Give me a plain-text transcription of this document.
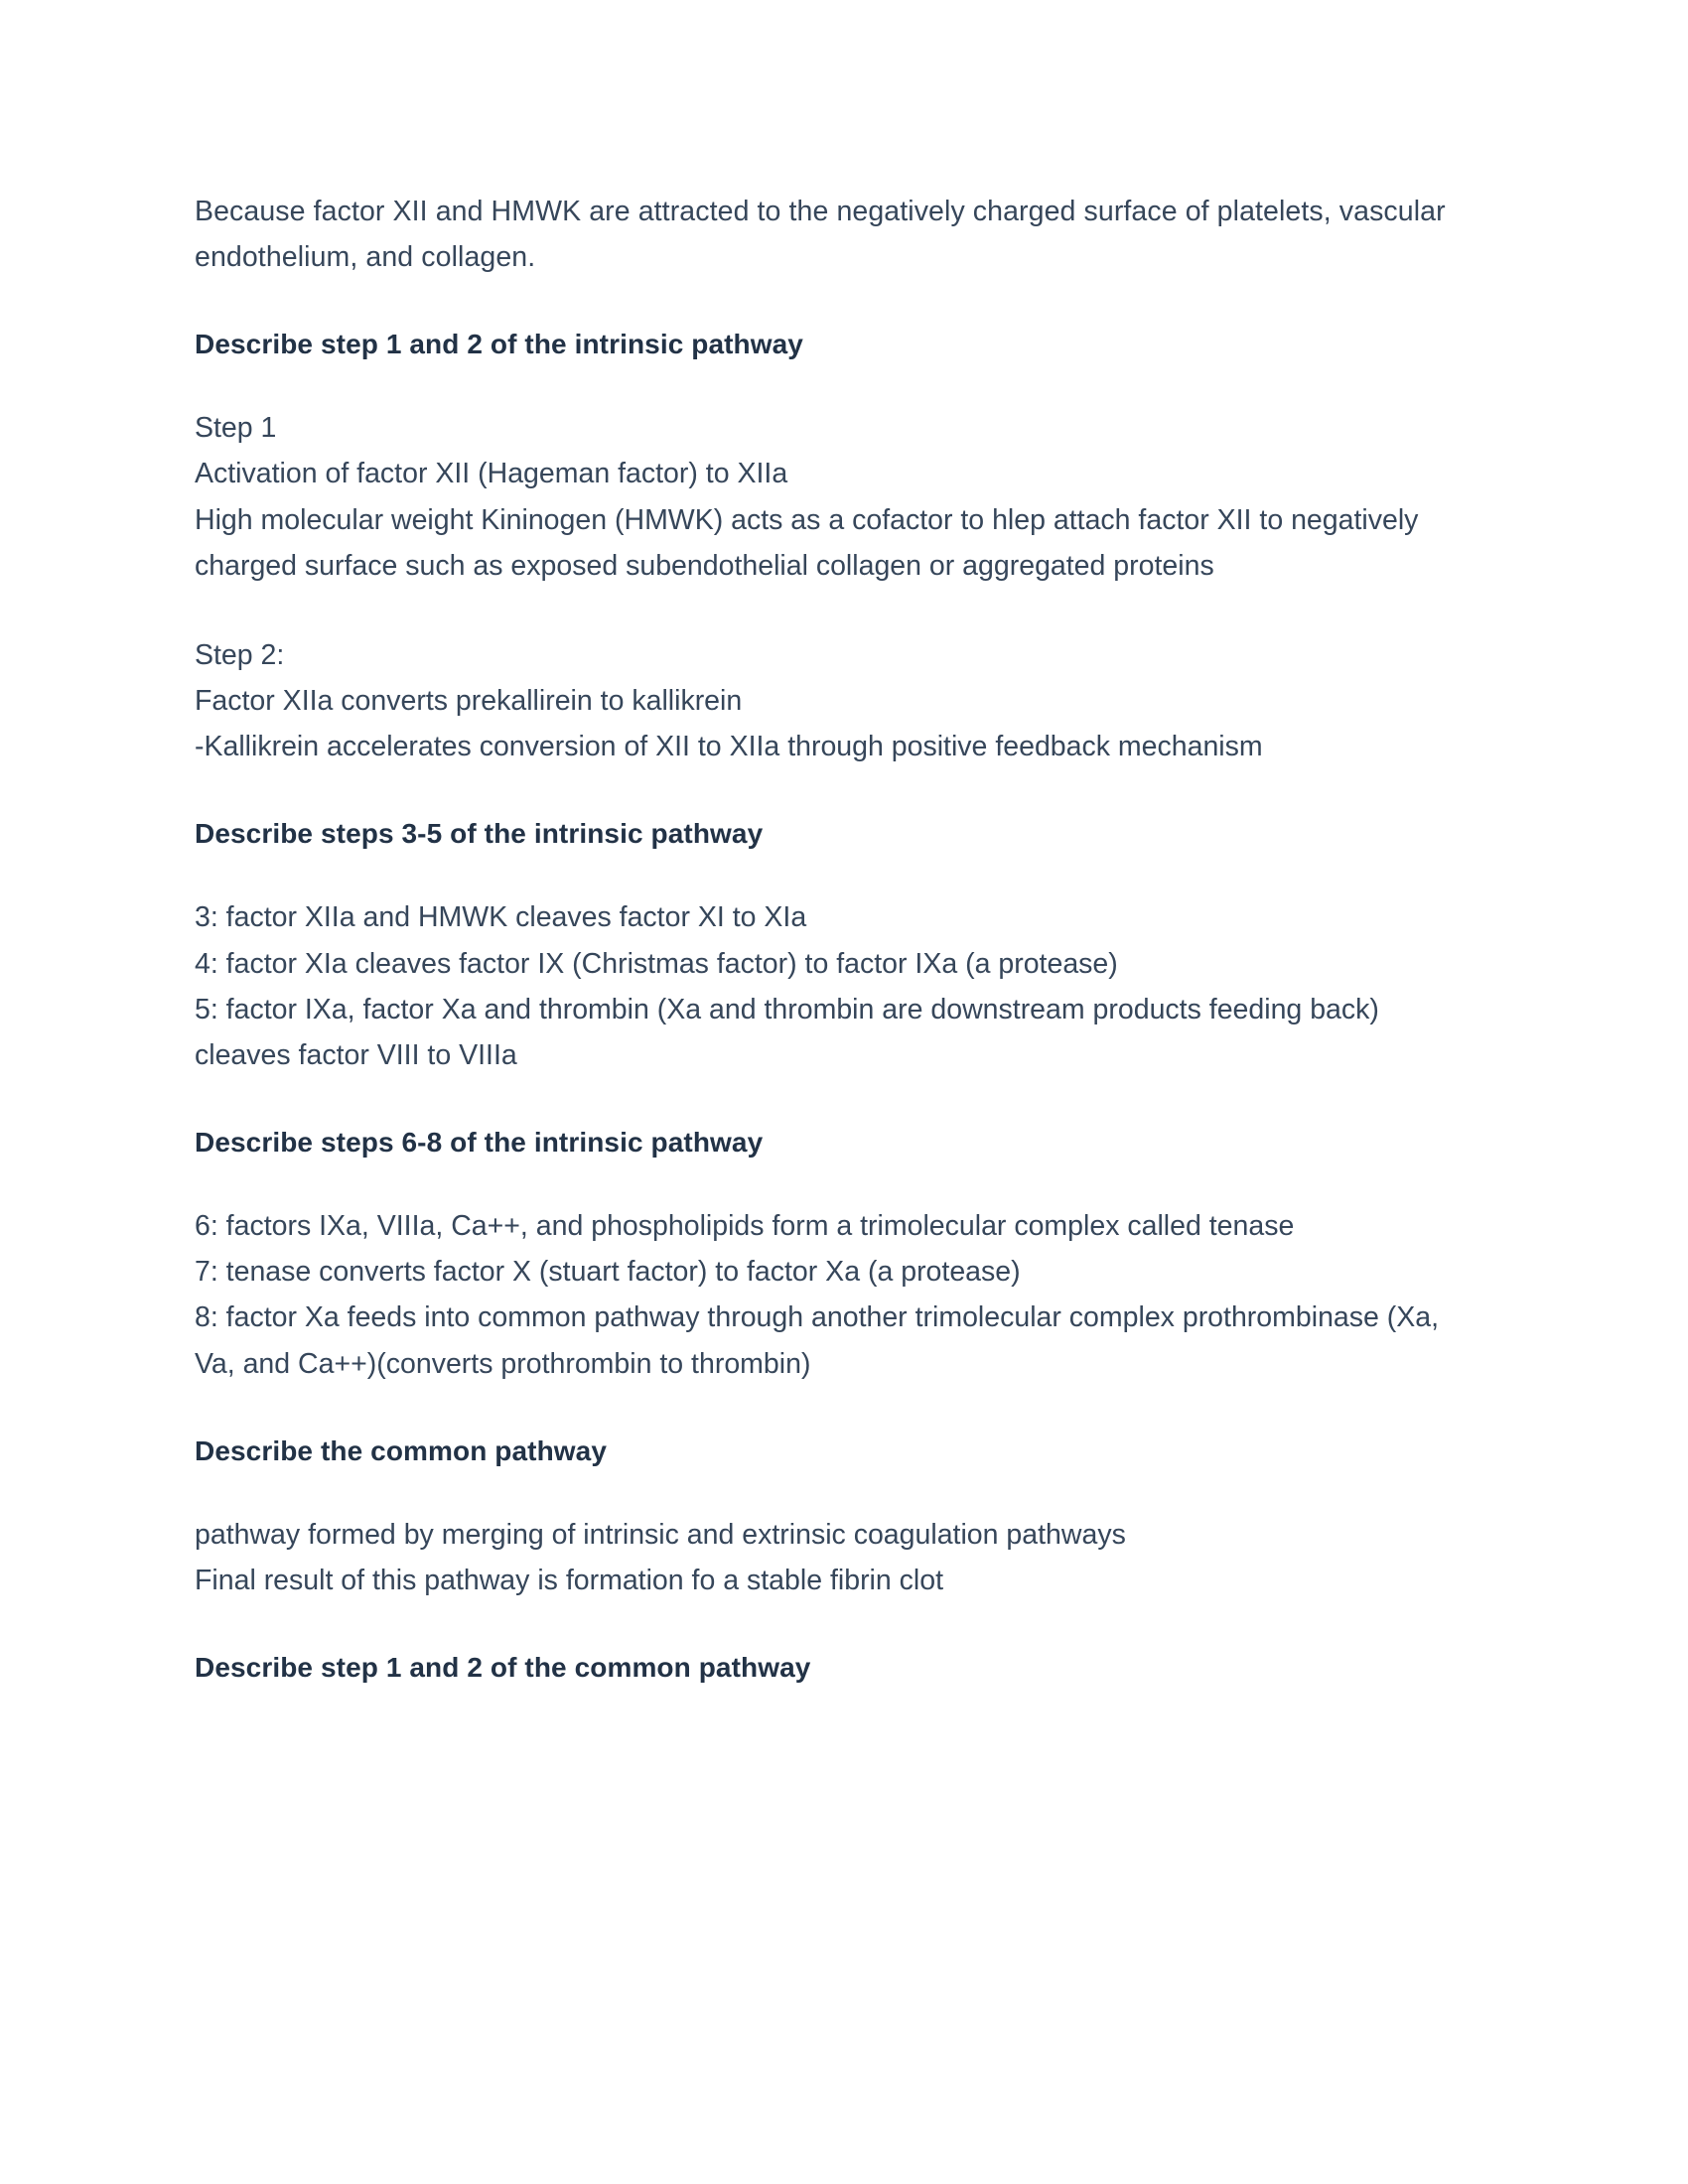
Because factor XII and HMWK are attracted to the negatively charged surface of platelets, vascular endothelium, and collagen.

Describe step 1 and 2 of the intrinsic pathway
Step 1
Activation of factor XII (Hageman factor) to XIIa
High molecular weight Kininogen (HMWK) acts as a cofactor to hlep attach factor XII to negatively charged surface such as exposed subendothelial collagen or aggregated proteins
Step 2:
Factor XIIa converts prekallirein to kallikrein
-Kallikrein accelerates conversion of XII to XIIa through positive feedback mechanism
Describe steps 3-5 of the intrinsic pathway
3: factor XIIa and HMWK cleaves factor XI to XIa
4: factor XIa cleaves factor IX (Christmas factor) to factor IXa (a protease)
5: factor IXa, factor Xa and thrombin (Xa and thrombin are downstream products feeding back) cleaves factor VIII to VIIIa
Describe steps 6-8 of the intrinsic pathway
6: factors IXa, VIIIa, Ca++, and phospholipids form a trimolecular complex called tenase
7: tenase converts factor X (stuart factor) to factor Xa (a protease)
8: factor Xa feeds into common pathway through another trimolecular complex prothrombinase (Xa, Va, and Ca++)(converts prothrombin to thrombin)
Describe the common pathway
pathway formed by merging of intrinsic and extrinsic coagulation pathways
Final result of this pathway is formation fo a stable fibrin clot
Describe step 1 and 2 of the common pathway
